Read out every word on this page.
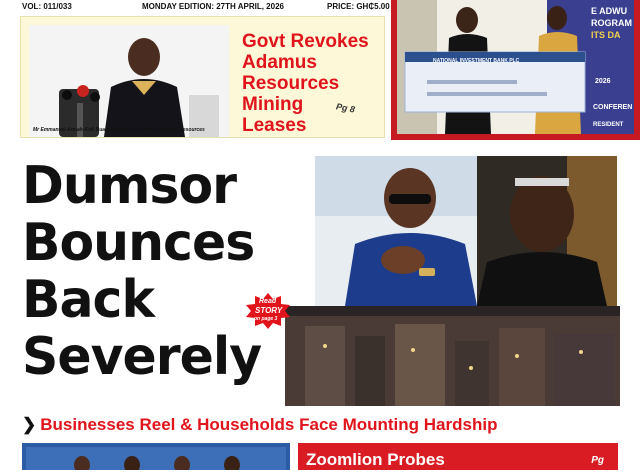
VOL: 011/033	MONDAY EDITION: 27TH APRIL, 2026	PRICE: GH₵5.00
Mr Emmanuel Armah-Kofi Buah, Minister for Lands & Natural Resources
Govt Revokes
Adamus
Resources
Mining
Leases
Pg 8
NATIONAL INVESTMENT BANK PLC
E ADWU
ROGRAM
ITS DA
2026
CONFEREN
RESIDENT
Dumsor
Bounces
Back
Severely
Read
STORY
on page 3
❯ Businesses Reel & Households Face Mounting Hardship
Zoomlion Probes	Pg
